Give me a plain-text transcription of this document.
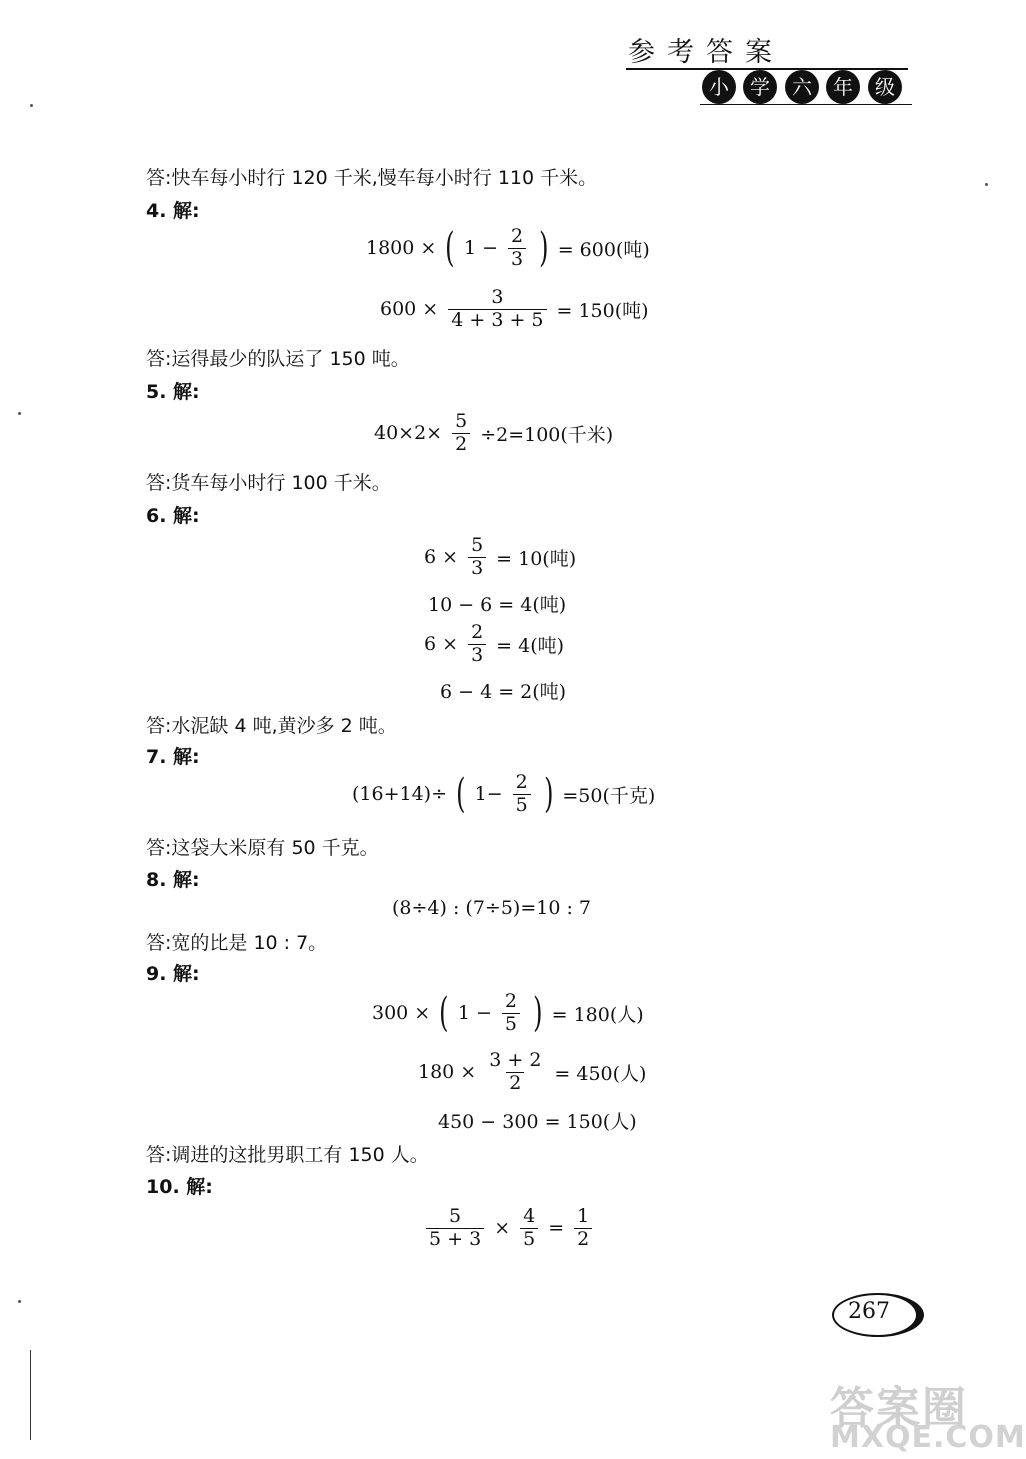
参考答案
小	学	六	年	级
答:快车每小时行 120 千米,慢车每小时行 110 千米。
4. 解:
1800 × ( $1 - \frac{2}{3}$ ) = 600(吨)
$600 \times \frac{3}{4 + 3 + 5} = 150$(吨)
答:运得最少的队运了 150 吨。
5. 解:
$40\times 2\times \frac{5}{2} \div 2=100$(千米)
答:货车每小时行 100 千米。
6. 解:
$6 \times \frac{5}{3} = 10$(吨)
10 − 6 = 4(吨)
$6 \times \frac{2}{3} = 4$(吨)
6 − 4 = 2(吨)
答:水泥缺 4 吨,黄沙多 2 吨。
7. 解:
(16+14)÷ ( $1- \frac{2}{5}$ ) =50(千克)
答:这袋大米原有 50 千克。
8. 解:
(8÷4) : (7÷5)=10 : 7
答:宽的比是 10 : 7。
9. 解:
300 × ( $1 - \frac{2}{5}$ ) = 180(人)
$180 \times \frac{3 + 2}{2} = 450$(人)
450 − 300 = 150(人)
答:调进的这批男职工有 150 人。
10. 解:
$\frac{5}{5 + 3} \times \frac{4}{5} = \frac{1}{2}$
267
答案圈
MXQE.COM
